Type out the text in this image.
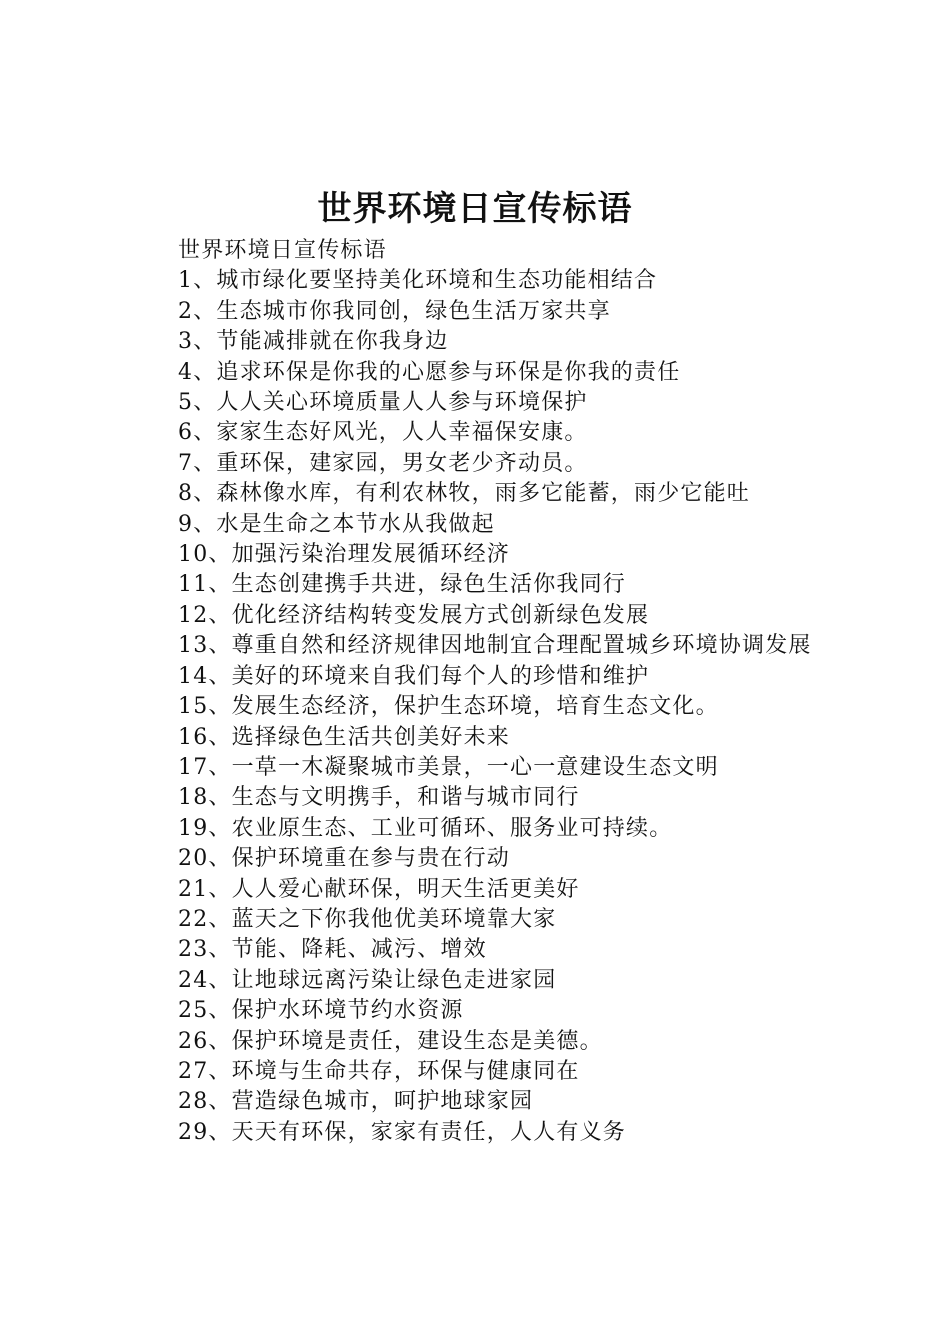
世界环境日宣传标语

世界环境日宣传标语

1、城市绿化要坚持美化环境和生态功能相结合

2、生态城市你我同创，绿色生活万家共享

3、节能减排就在你我身边

4、追求环保是你我的心愿参与环保是你我的责任

5、人人关心环境质量人人参与环境保护

6、家家生态好风光，人人幸福保安康。

7、重环保，建家园，男女老少齐动员。

8、森林像水库，有利农林牧，雨多它能蓄，雨少它能吐

9、水是生命之本节水从我做起

10、加强污染治理发展循环经济

11、生态创建携手共进，绿色生活你我同行

12、优化经济结构转变发展方式创新绿色发展

13、尊重自然和经济规律因地制宜合理配置城乡环境协调发展

14、美好的环境来自我们每个人的珍惜和维护

15、发展生态经济，保护生态环境，培育生态文化。

16、选择绿色生活共创美好未来

17、一草一木凝聚城市美景，一心一意建设生态文明

18、生态与文明携手，和谐与城市同行

19、农业原生态、工业可循环、服务业可持续。

20、保护环境重在参与贵在行动

21、人人爱心献环保，明天生活更美好

22、蓝天之下你我他优美环境靠大家

23、节能、降耗、减污、增效

24、让地球远离污染让绿色走进家园

25、保护水环境节约水资源

26、保护环境是责任，建设生态是美德。

27、环境与生命共存，环保与健康同在

28、营造绿色城市，呵护地球家园

29、天天有环保，家家有责任，人人有义务
